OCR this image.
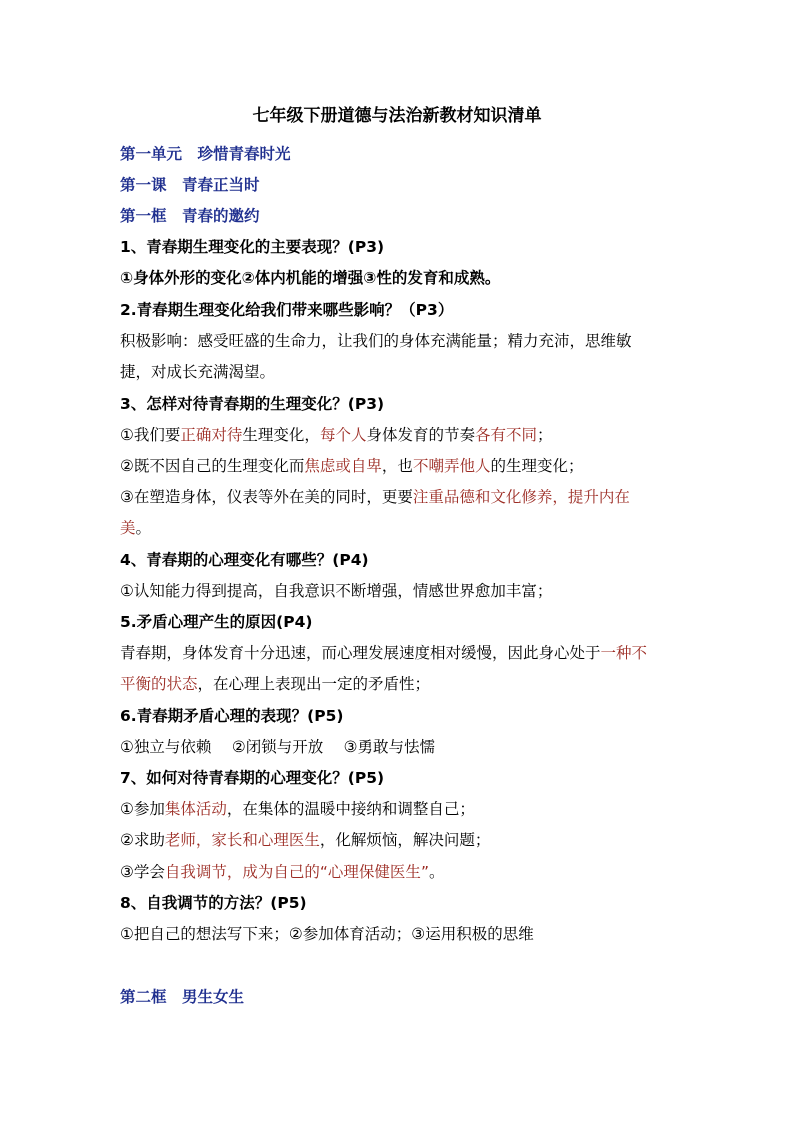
七年级下册道德与法治新教材知识清单
第一单元　珍惜青春时光
第一课　青春正当时
第一框　青春的邀约
1、青春期生理变化的主要表现？(P3)
①身体外形的变化②体内机能的增强③性的发育和成熟。
2.青春期生理变化给我们带来哪些影响？（P3）
积极影响：感受旺盛的生命力，让我们的身体充满能量；精力充沛，思维敏
捷，对成长充满渴望。
3、怎样对待青春期的生理变化？(P3)
①我们要正确对待生理变化，每个人身体发育的节奏各有不同；
②既不因自己的生理变化而焦虑或自卑，也不嘲弄他人的生理变化；
③在塑造身体，仪表等外在美的同时，更要注重品德和文化修养，提升内在
美。
4、青春期的心理变化有哪些？(P4)
①认知能力得到提高，自我意识不断增强，情感世界愈加丰富；
5.矛盾心理产生的原因(P4)
青春期，身体发育十分迅速，而心理发展速度相对缓慢，因此身心处于一种不
平衡的状态，在心理上表现出一定的矛盾性；
6.青春期矛盾心理的表现？(P5)
①独立与依赖　 ②闭锁与开放　 ③勇敢与怯懦
7、如何对待青春期的心理变化？(P5)
①参加集体活动，在集体的温暖中接纳和调整自己；
②求助老师，家长和心理医生，化解烦恼，解决问题；
③学会自我调节，成为自己的“心理保健医生”。
8、自我调节的方法？(P5)
①把自己的想法写下来；②参加体育活动；③运用积极的思维
第二框　男生女生
